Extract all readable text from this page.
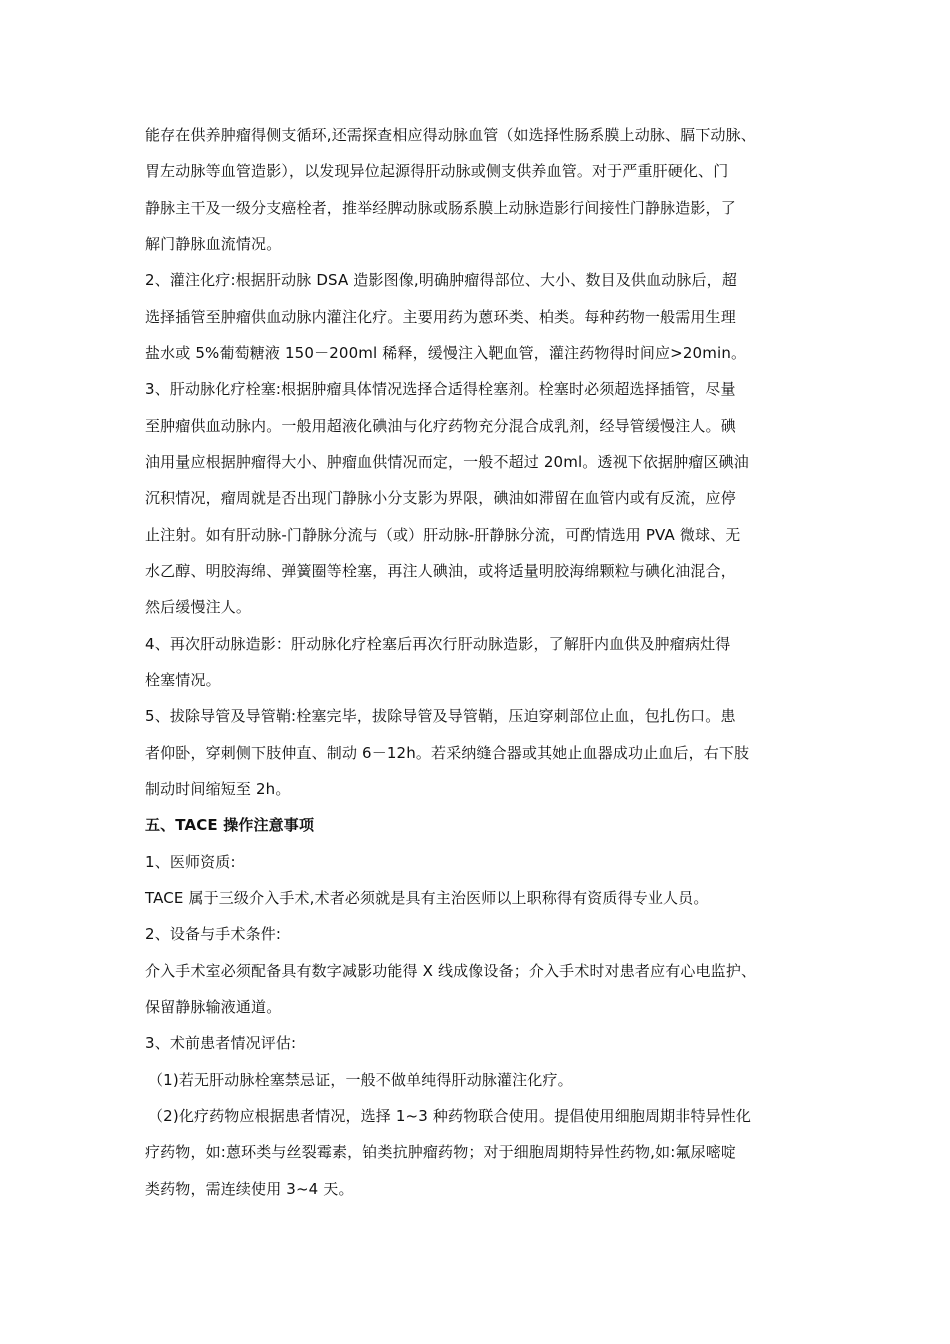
能存在供养肿瘤得侧支循环,还需探查相应得动脉血管（如选择性肠系膜上动脉、膈下动脉、

胃左动脉等血管造影），以发现异位起源得肝动脉或侧支供养血管。对于严重肝硬化、门

静脉主干及一级分支癌栓者，推举经脾动脉或肠系膜上动脉造影行间接性门静脉造影，了

解门静脉血流情况。

2、灌注化疗:根据肝动脉 DSA 造影图像,明确肿瘤得部位、大小、数目及供血动脉后，超

选择插管至肿瘤供血动脉内灌注化疗。主要用药为蒽环类、柏类。每种药物一般需用生理

盐水或 5%葡萄糖液 150－200ml 稀释，缓慢注入靶血管，灌注药物得时间应>20min。

3、肝动脉化疗栓塞:根据肿瘤具体情况选择合适得栓塞剂。栓塞时必须超选择插管，尽量

至肿瘤供血动脉内。一般用超液化碘油与化疗药物充分混合成乳剂，经导管缓慢注人。碘

油用量应根据肿瘤得大小、肿瘤血供情况而定，一般不超过 20ml。透视下依据肿瘤区碘油

沉积情况，瘤周就是否出现门静脉小分支影为界限，碘油如滞留在血管内或有反流，应停

止注射。如有肝动脉-门静脉分流与（或）肝动脉-肝静脉分流，可酌情选用 PVA 微球、无

水乙醇、明胶海绵、弹簧圈等栓塞，再注人碘油，或将适量明胶海绵颗粒与碘化油混合，

然后缓慢注人。

4、再次肝动脉造影：肝动脉化疗栓塞后再次行肝动脉造影，了解肝内血供及肿瘤病灶得

栓塞情况。

5、拔除导管及导管鞘:栓塞完毕，拔除导管及导管鞘，压迫穿刺部位止血，包扎伤口。患

者仰卧，穿刺侧下肢伸直、制动 6－12h。若采纳缝合器或其她止血器成功止血后，右下肢

制动时间缩短至 2h。

五、TACE 操作注意事项

1、医师资质:

TACE 属于三级介入手术,术者必须就是具有主治医师以上职称得有资质得专业人员。

2、设备与手术条件:

介入手术室必须配备具有数字减影功能得 X 线成像设备；介入手术时对患者应有心电监护、

保留静脉输液通道。

3、术前患者情况评估:

（1)若无肝动脉栓塞禁忌证，一般不做单纯得肝动脉灌注化疗。

（2)化疗药物应根据患者情况，选择 1~3 种药物联合使用。提倡使用细胞周期非特异性化

疗药物，如:蒽环类与丝裂霉素，铂类抗肿瘤药物；对于细胞周期特异性药物,如:氟尿嘧啶

类药物，需连续使用 3~4 天。
